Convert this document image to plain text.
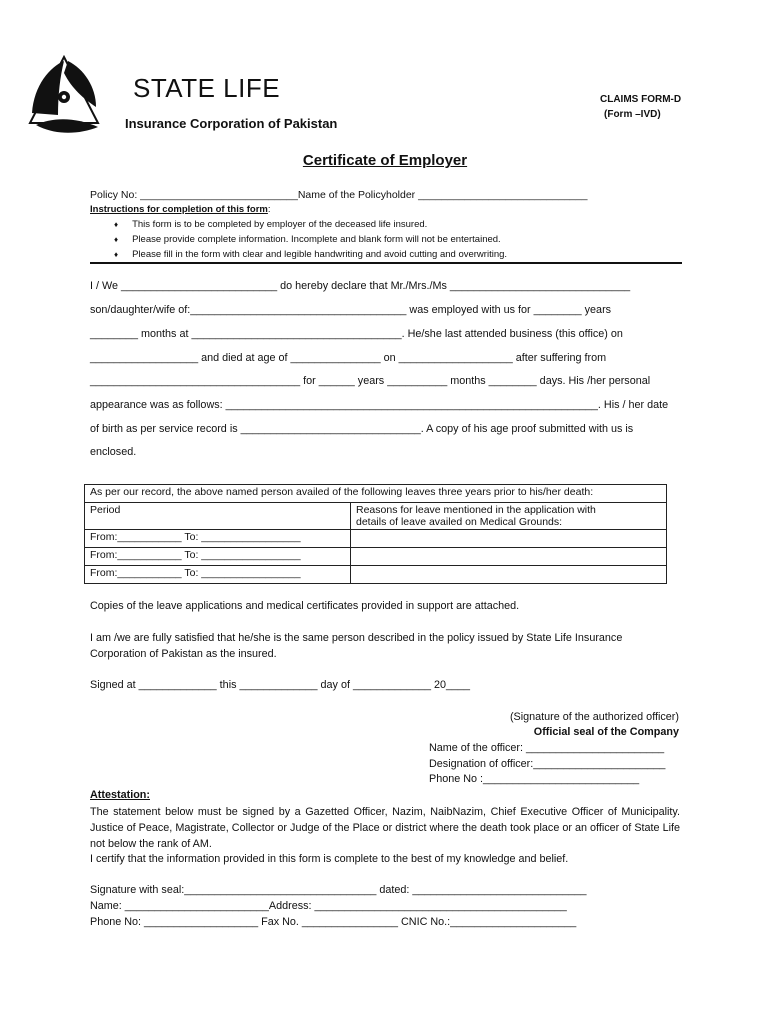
STATE LIFE
Insurance Corporation of Pakistan
CLAIMS FORM-D
(Form –IVD)
Certificate of Employer
Policy No: ___________________________Name of the Policyholder _____________________________
Instructions for completion of this form:
♦ This form is to be completed by employer of the deceased life insured.
♦ Please provide complete information. Incomplete and blank form will not be entertained.
♦ Please fill in the form with clear and legible handwriting and avoid cutting and overwriting.
I / We __________________________ do hereby declare that Mr./Mrs./Ms ______________________________
son/daughter/wife of:____________________________________ was employed with us for ________ years
________ months at ___________________________________. He/she last attended business (this office) on
__________________ and died at age of _______________ on ___________________ after suffering from
___________________________________ for ______ years __________ months ________ days. His /her personal
appearance was as follows: ______________________________________________________________. His / her date
of birth as per service record is ______________________________. A copy of his age proof submitted with us is
enclosed.
As per our record, the above named person availed of the following leaves three years prior to his/her death:	
Period	Reasons for leave mentioned in the application with
details of leave availed on Medical Grounds:
From:___________ To: _________________	
From:___________ To: _________________	
From:___________ To: _________________	
Copies of the leave applications and medical certificates provided in support are attached.
I am /we are fully satisfied that he/she is the same person described in the policy issued by State Life Insurance
Corporation of Pakistan as the insured.
Signed at _____________ this _____________ day of _____________ 20____
(Signature of the authorized officer)
Official seal of the Company
Name of the officer: _______________________
Designation of officer:______________________
Phone No :__________________________
Attestation:
The statement below must be signed by a Gazetted Officer, Nazim, NaibNazim, Chief Executive Officer of Municipality. Justice of Peace, Magistrate, Collector or Judge of the Place or district where the death took place or an officer of State Life not below the rank of AM.
I certify that the information provided in this form is complete to the best of my knowledge and belief.
Signature with seal:________________________________ dated: _____________________________
Name: ________________________Address: __________________________________________
Phone No: ___________________ Fax No. ________________ CNIC No.:_____________________
